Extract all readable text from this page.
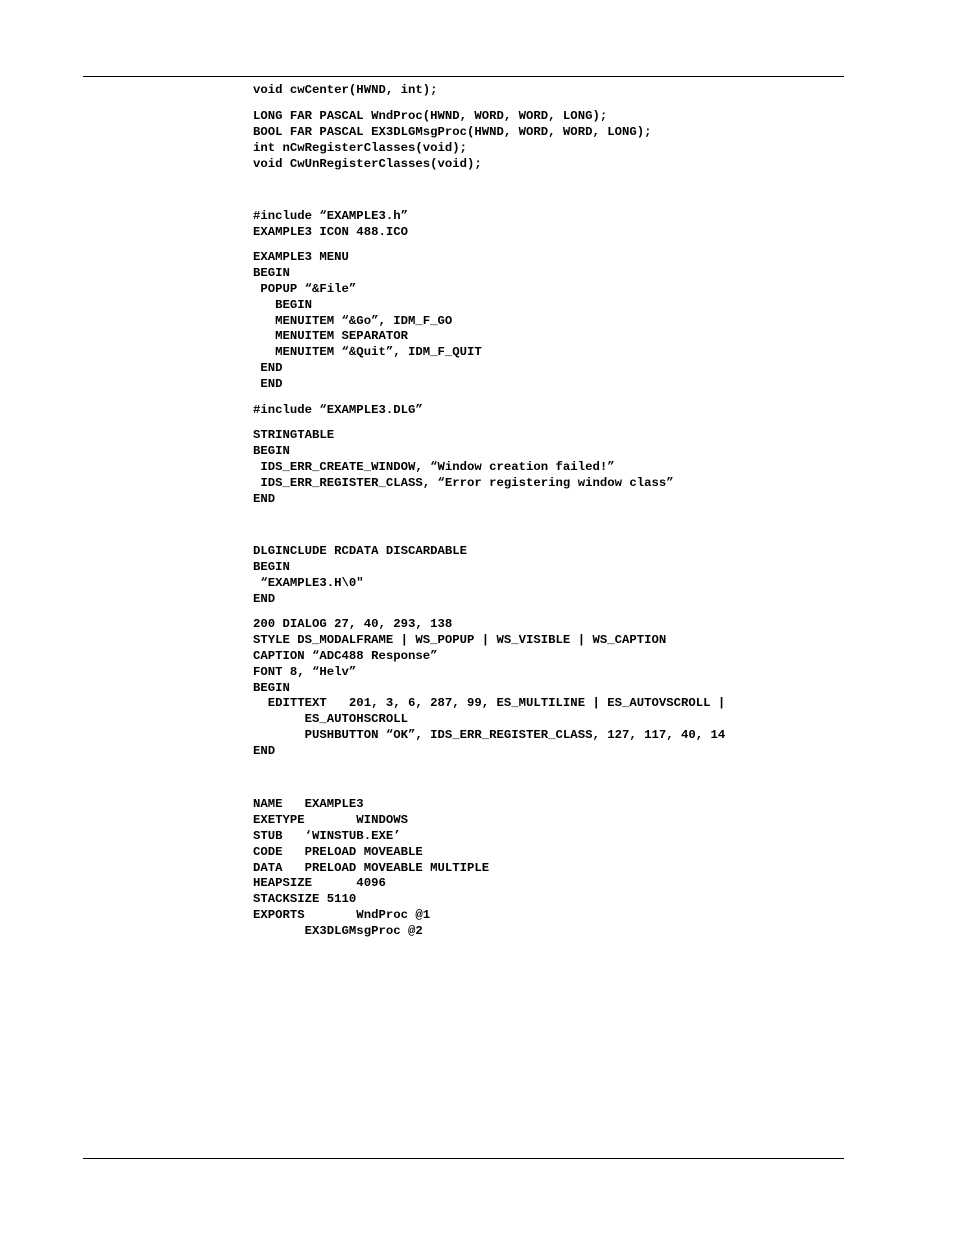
void cwCenter(HWND, int);
LONG FAR PASCAL WndProc(HWND, WORD, WORD, LONG);
BOOL FAR PASCAL EX3DLGMsgProc(HWND, WORD, WORD, LONG);
int nCwRegisterClasses(void);
void CwUnRegisterClasses(void);
#include “EXAMPLE3.h”
EXAMPLE3 ICON 488.ICO
EXAMPLE3 MENU
BEGIN
POPUP “&File”
BEGIN
MENUITEM “&Go”, IDM_F_GO
MENUITEM SEPARATOR
MENUITEM “&Quit”, IDM_F_QUIT
END
END
#include “EXAMPLE3.DLG”
STRINGTABLE
BEGIN
IDS_ERR_CREATE_WINDOW, “Window creation failed!”
IDS_ERR_REGISTER_CLASS, “Error registering window class”
END
DLGINCLUDE RCDATA DISCARDABLE
BEGIN
“EXAMPLE3.H\0"
END
200 DIALOG 27, 40, 293, 138
STYLE DS_MODALFRAME | WS_POPUP | WS_VISIBLE | WS_CAPTION
CAPTION “ADC488 Response”
FONT 8, “Helv”
BEGIN
EDITTEXT   201, 3, 6, 287, 99, ES_MULTILINE | ES_AUTOVSCROLL |
ES_AUTOHSCROLL
PUSHBUTTON “OK”, IDS_ERR_REGISTER_CLASS, 127, 117, 40, 14
END
NAME   EXAMPLE3
EXETYPE       WINDOWS
STUB   ‘WINSTUB.EXE’
CODE   PRELOAD MOVEABLE
DATA   PRELOAD MOVEABLE MULTIPLE
HEAPSIZE      4096
STACKSIZE 5110
EXPORTS       WndProc @1
EX3DLGMsgProc @2
